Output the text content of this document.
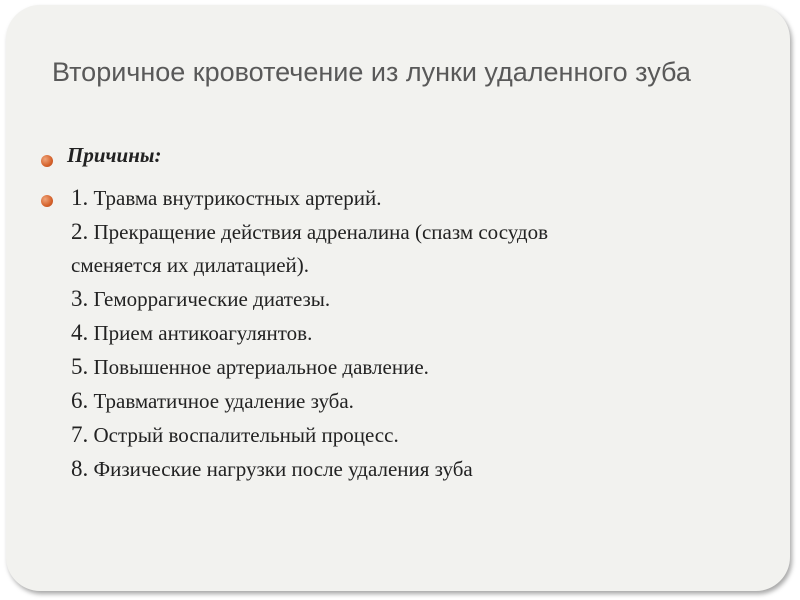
Вторичное кровотечение из лунки удаленного зуба
Причины:
1. Травма внутрикостных артерий.
2. Прекращение действия адреналина (спазм сосудов
сменяется их дилатацией).
3. Геморрагические диатезы.
4. Прием антикоагулянтов.
5. Повышенное артериальное давление.
6. Травматичное удаление зуба.
7. Острый воспалительный процесс.
8. Физические нагрузки после удаления зуба
